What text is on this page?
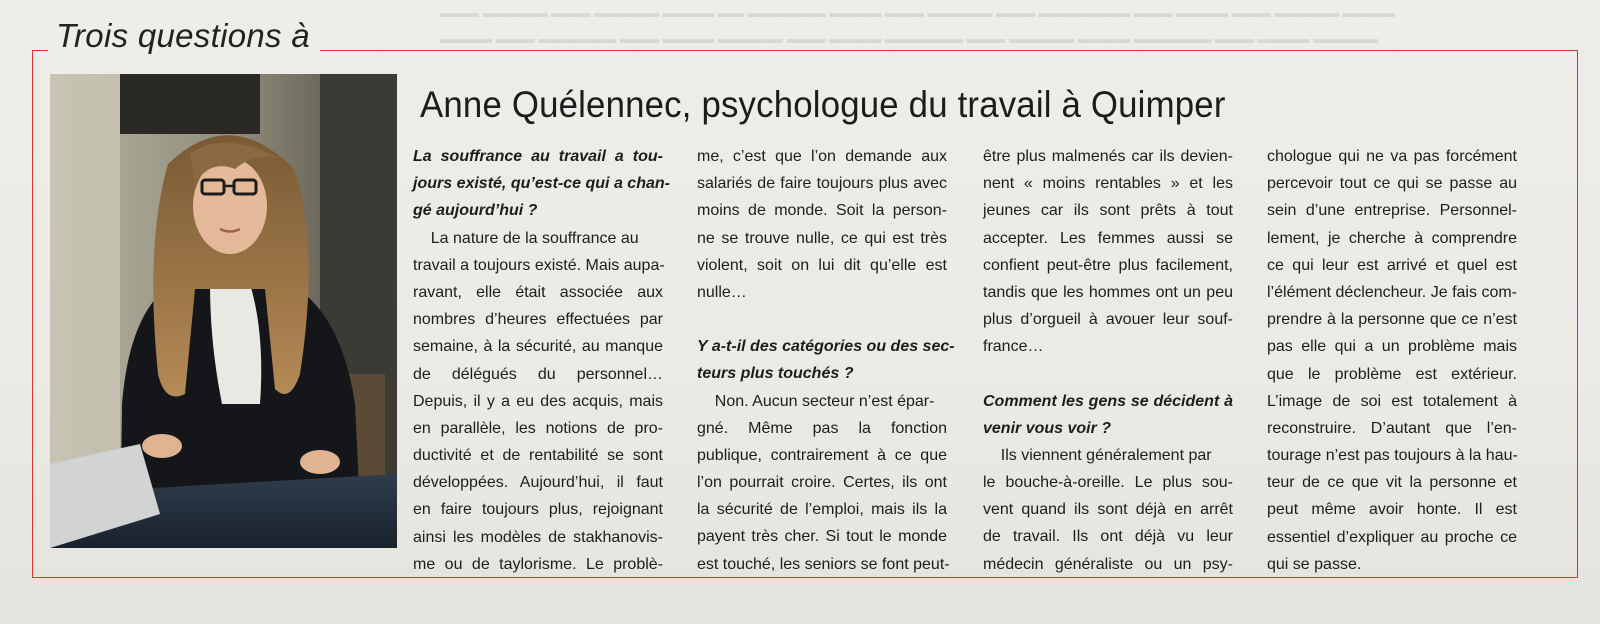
▬▬▬ ▬▬▬▬▬ ▬▬▬ ▬▬▬▬▬ ▬▬▬▬ ▬▬ ▬▬▬▬▬▬ ▬▬▬▬ ▬▬▬ ▬▬▬▬▬ ▬▬▬ ▬▬▬▬▬▬▬ ▬▬▬ ▬▬▬▬ ▬▬▬ ▬▬▬▬▬ ▬▬▬▬
▬▬▬▬ ▬▬▬ ▬▬▬▬▬▬ ▬▬▬ ▬▬▬▬ ▬▬▬▬▬ ▬▬▬ ▬▬▬▬ ▬▬▬▬▬▬ ▬▬▬ ▬▬▬▬▬ ▬▬▬▬ ▬▬▬▬▬▬ ▬▬▬ ▬▬▬▬ ▬▬▬▬▬
Trois questions à
Anne Quélennec, psychologue du travail à Quimper
La souffrance au travail a tou-
jours existé, qu’est-ce qui a chan-
gé aujourd’hui ?
La nature de la souffrance au
travail a toujours existé. Mais aupa-
ravant, elle était associée aux
nombres d’heures effectuées par
semaine, à la sécurité, au manque
de délégués du personnel…
Depuis, il y a eu des acquis, mais
en parallèle, les notions de pro-
ductivité et de rentabilité se sont
développées. Aujourd’hui, il faut
en faire toujours plus, rejoignant
ainsi les modèles de stakhanovis-
me ou de taylorisme. Le problè-
me, c’est que l’on demande aux
salariés de faire toujours plus avec
moins de monde. Soit la person-
ne se trouve nulle, ce qui est très
violent, soit on lui dit qu’elle est
nulle…
Y a-t-il des catégories ou des sec-
teurs plus touchés ?
Non. Aucun secteur n’est épar-
gné. Même pas la fonction
publique, contrairement à ce que
l’on pourrait croire. Certes, ils ont
la sécurité de l’emploi, mais ils la
payent très cher. Si tout le monde
est touché, les seniors se font peut-
être plus malmenés car ils devien-
nent « moins rentables » et les
jeunes car ils sont prêts à tout
accepter. Les femmes aussi se
confient peut-être plus facilement,
tandis que les hommes ont un peu
plus d’orgueil à avouer leur souf-
france…
Comment les gens se décident à
venir vous voir ?
Ils viennent généralement par
le bouche-à-oreille. Le plus sou-
vent quand ils sont déjà en arrêt
de travail. Ils ont déjà vu leur
médecin généraliste ou un psy-
chologue qui ne va pas forcément
percevoir tout ce qui se passe au
sein d’une entreprise. Personnel-
lement, je cherche à comprendre
ce qui leur est arrivé et quel est
l’élément déclencheur. Je fais com-
prendre à la personne que ce n’est
pas elle qui a un problème mais
que le problème est extérieur.
L’image de soi est totalement à
reconstruire. D’autant que l’en-
tourage n’est pas toujours à la hau-
teur de ce que vit la personne et
peut même avoir honte. Il est
essentiel d’expliquer au proche ce
qui se passe.
